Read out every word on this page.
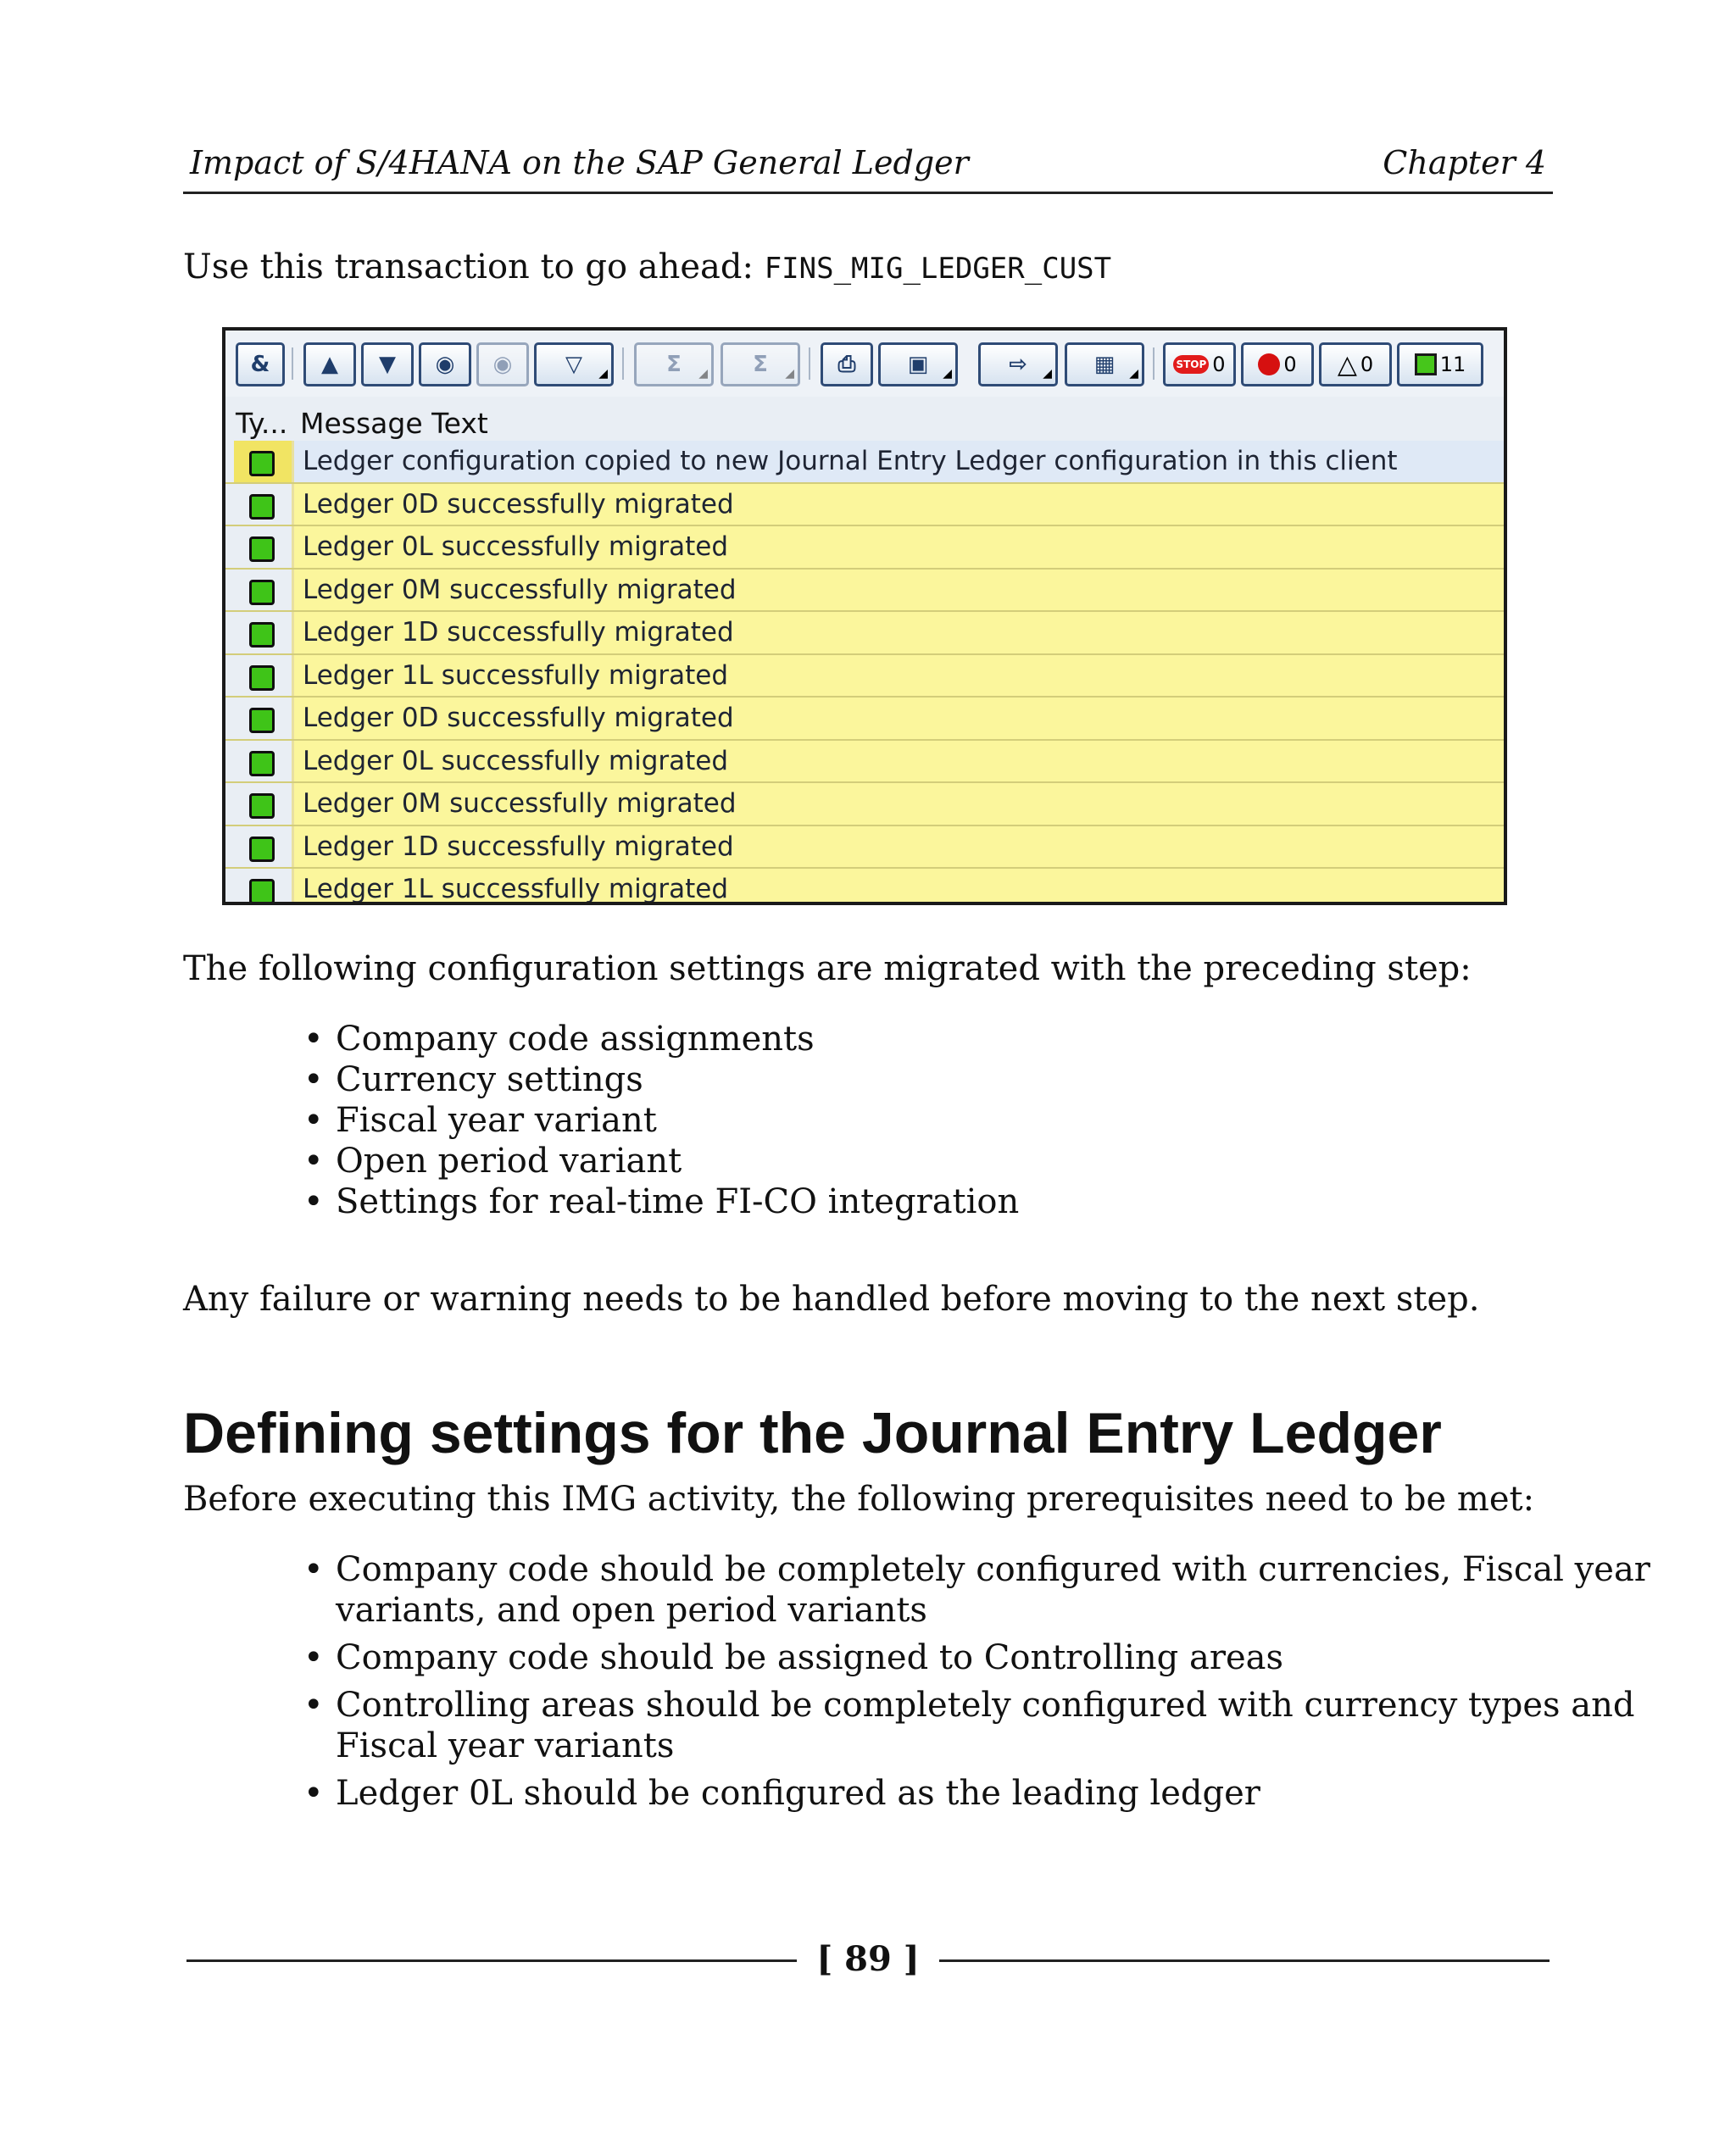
Impact of S/4HANA on the SAP General Ledger	Chapter 4
Use this transaction to go ahead: FINS_MIG_LEDGER_CUST
& ▲ ▼ ◉ ◉ ▽ ◢	Σ ◢ Σ ◢ ⎙ ▣ ◢	⇨ ◢ ▦ ◢
STOP 0	0 △ 0	11
Ty... Message Text
Ledger configuration copied to new Journal Entry Ledger configuration in this client
Ledger 0D successfully migrated
Ledger 0L successfully migrated
Ledger 0M successfully migrated
Ledger 1D successfully migrated
Ledger 1L successfully migrated
Ledger 0D successfully migrated
Ledger 0L successfully migrated
Ledger 0M successfully migrated
Ledger 1D successfully migrated
Ledger 1L successfully migrated
The following configuration settings are migrated with the preceding step:
• Company code assignments
• Currency settings
• Fiscal year variant
• Open period variant
• Settings for real-time FI-CO integration
Any failure or warning needs to be handled before moving to the next step.
Defining settings for the Journal Entry Ledger
Before executing this IMG activity, the following prerequisites need to be met:
• Company code should be completely configured with currencies, Fiscal year
variants, and open period variants
• Company code should be assigned to Controlling areas
• Controlling areas should be completely configured with currency types and
Fiscal year variants
• Ledger 0L should be configured as the leading ledger
[ 89 ]
